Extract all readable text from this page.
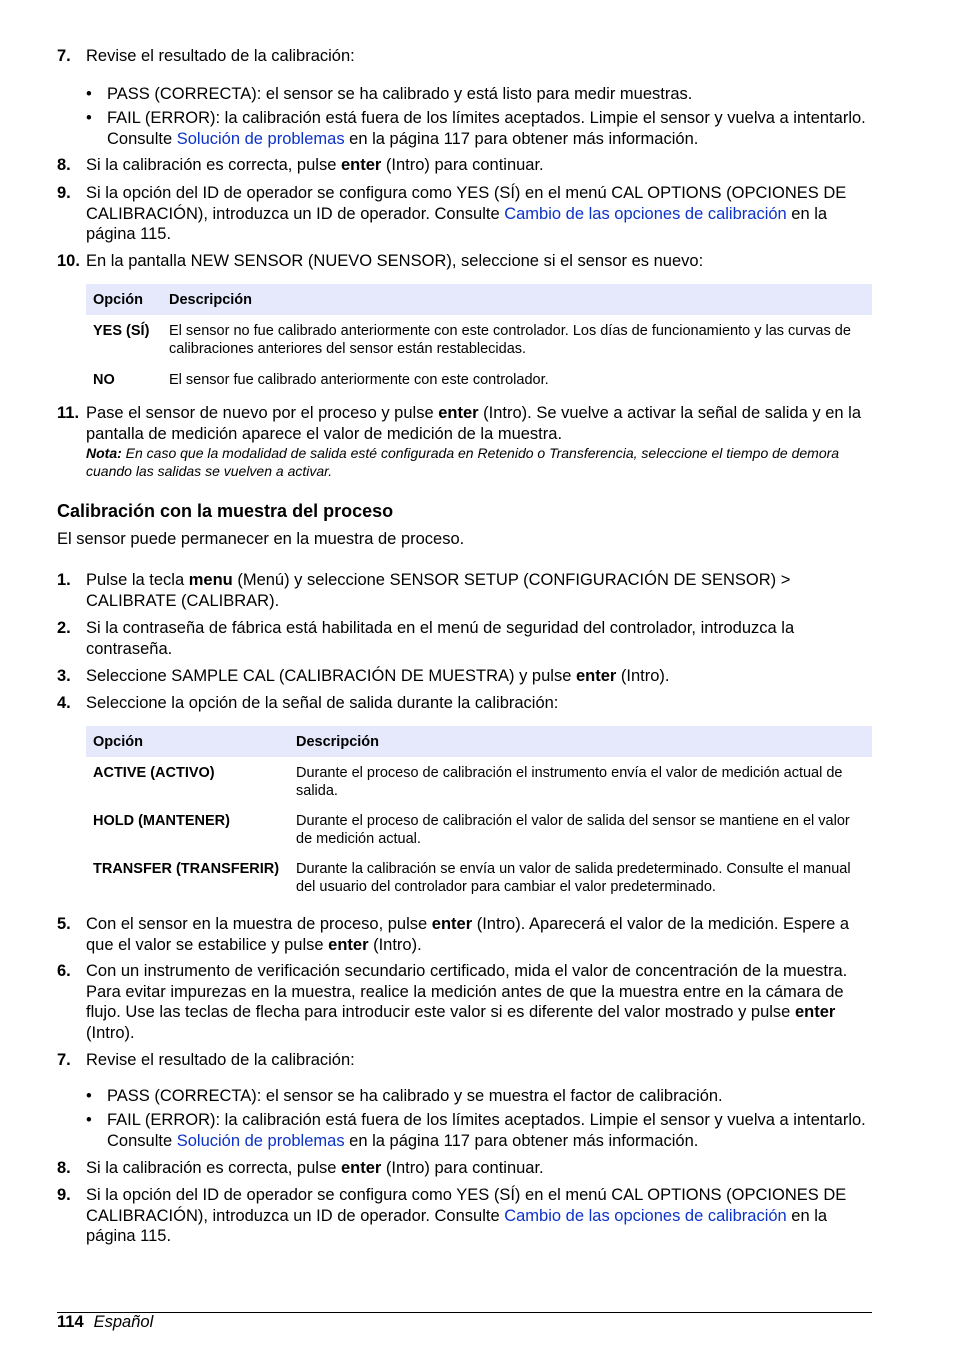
7. Revise el resultado de la calibración:
• PASS (CORRECTA): el sensor se ha calibrado y está listo para medir muestras.
• FAIL (ERROR): la calibración está fuera de los límites aceptados. Limpie el sensor y vuelva a intentarlo. Consulte Solución de problemas en la página 117 para obtener más información.
8. Si la calibración es correcta, pulse enter (Intro) para continuar.
9. Si la opción del ID de operador se configura como YES (SÍ) en el menú CAL OPTIONS (OPCIONES DE CALIBRACIÓN), introduzca un ID de operador. Consulte Cambio de las opciones de calibración en la página 115.
10. En la pantalla NEW SENSOR (NUEVO SENSOR), seleccione si el sensor es nuevo:
Opción	Descripción
YES (SÍ)	El sensor no fue calibrado anteriormente con este controlador. Los días de funcionamiento y las curvas de calibraciones anteriores del sensor están restablecidas.
NO	El sensor fue calibrado anteriormente con este controlador.
11. Pase el sensor de nuevo por el proceso y pulse enter (Intro). Se vuelve a activar la señal de salida y en la pantalla de medición aparece el valor de medición de la muestra.
Nota: En caso que la modalidad de salida esté configurada en Retenido o Transferencia, seleccione el tiempo de demora cuando las salidas se vuelven a activar.
Calibración con la muestra del proceso
El sensor puede permanecer en la muestra de proceso.
1. Pulse la tecla menu (Menú) y seleccione SENSOR SETUP (CONFIGURACIÓN DE SENSOR) > CALIBRATE (CALIBRAR).
2. Si la contraseña de fábrica está habilitada en el menú de seguridad del controlador, introduzca la contraseña.
3. Seleccione SAMPLE CAL (CALIBRACIÓN DE MUESTRA) y pulse enter (Intro).
4. Seleccione la opción de la señal de salida durante la calibración:
Opción	Descripción
ACTIVE (ACTIVO)	Durante el proceso de calibración el instrumento envía el valor de medición actual de salida.
HOLD (MANTENER)	Durante el proceso de calibración el valor de salida del sensor se mantiene en el valor de medición actual.
TRANSFER (TRANSFERIR)	Durante la calibración se envía un valor de salida predeterminado. Consulte el manual del usuario del controlador para cambiar el valor predeterminado.
5. Con el sensor en la muestra de proceso, pulse enter (Intro). Aparecerá el valor de la medición. Espere a que el valor se estabilice y pulse enter (Intro).
6. Con un instrumento de verificación secundario certificado, mida el valor de concentración de la muestra. Para evitar impurezas en la muestra, realice la medición antes de que la muestra entre en la cámara de flujo. Use las teclas de flecha para introducir este valor si es diferente del valor mostrado y pulse enter (Intro).
7. Revise el resultado de la calibración:
• PASS (CORRECTA): el sensor se ha calibrado y se muestra el factor de calibración.
• FAIL (ERROR): la calibración está fuera de los límites aceptados. Limpie el sensor y vuelva a intentarlo. Consulte Solución de problemas en la página 117 para obtener más información.
8. Si la calibración es correcta, pulse enter (Intro) para continuar.
9. Si la opción del ID de operador se configura como YES (SÍ) en el menú CAL OPTIONS (OPCIONES DE CALIBRACIÓN), introduzca un ID de operador. Consulte Cambio de las opciones de calibración en la página 115.
114 Español
